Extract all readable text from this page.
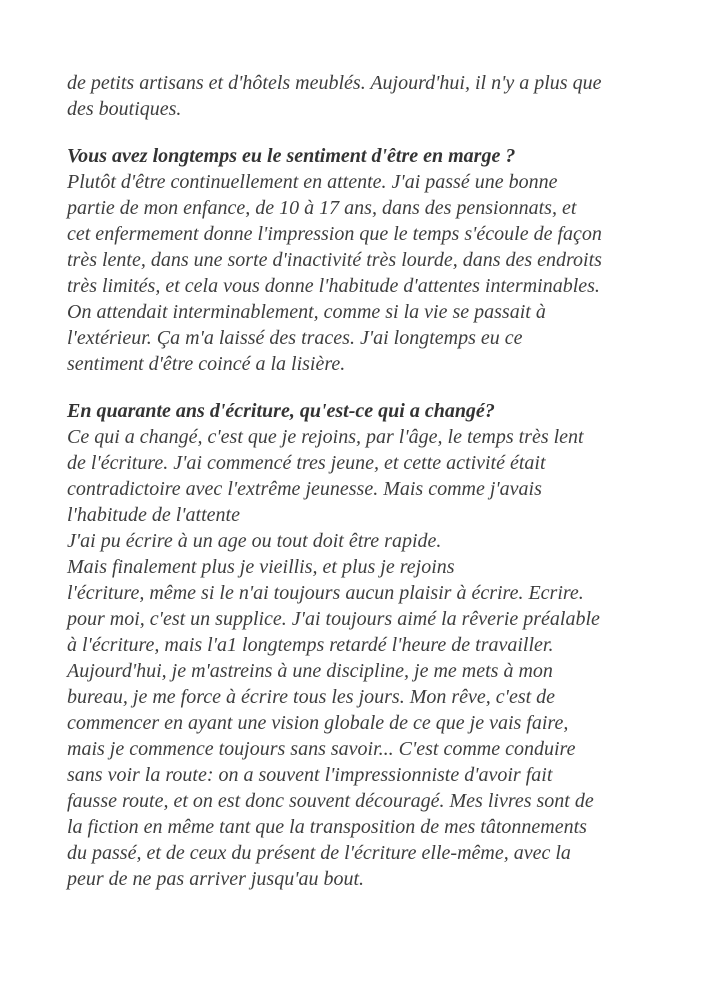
de petits artisans et d'hôtels meublés. Aujourd'hui, il n'y a plus que
des boutiques.
Vous avez longtemps eu le sentiment d'être en marge ?
Plutôt d'être continuellement en attente. J'ai passé une bonne
partie de mon enfance, de 10 à 17 ans, dans des pensionnats, et
cet enfermement donne l'impression que le temps s'écoule de façon
très lente, dans une sorte d'inactivité très lourde, dans des endroits
très limités, et cela vous donne l'habitude d'attentes interminables.
On attendait interminablement, comme si la vie se passait à
l'extérieur. Ça m'a laissé des traces. J'ai longtemps eu ce
sentiment d'être coincé a la lisière.
En quarante ans d'écriture, qu'est-ce qui a changé?
Ce qui a changé, c'est que je rejoins, par l'âge, le temps très lent
de l'écriture. J'ai commencé tres jeune, et cette activité était
contradictoire avec l'extrême jeunesse. Mais comme j'avais
l'habitude de l'attente
J'ai pu écrire à un age ou tout doit être rapide.
Mais finalement plus je vieillis, et plus je rejoins
l'écriture, même si le n'ai toujours aucun plaisir à écrire. Ecrire.
pour moi, c'est un supplice. J'ai toujours aimé la rêverie préalable
à l'écriture, mais l'a1 longtemps retardé l'heure de travailler.
Aujourd'hui, je m'astreins à une discipline, je me mets à mon
bureau, je me force à écrire tous les jours. Mon rêve, c'est de
commencer en ayant une vision globale de ce que je vais faire,
mais je commence toujours sans savoir... C'est comme conduire
sans voir la route: on a souvent l'impressionniste d'avoir fait
fausse route, et on est donc souvent découragé. Mes livres sont de
la fiction en même tant que la transposition de mes tâtonnements
du passé, et de ceux du présent de l'écriture elle-même, avec la
peur de ne pas arriver jusqu'au bout.
